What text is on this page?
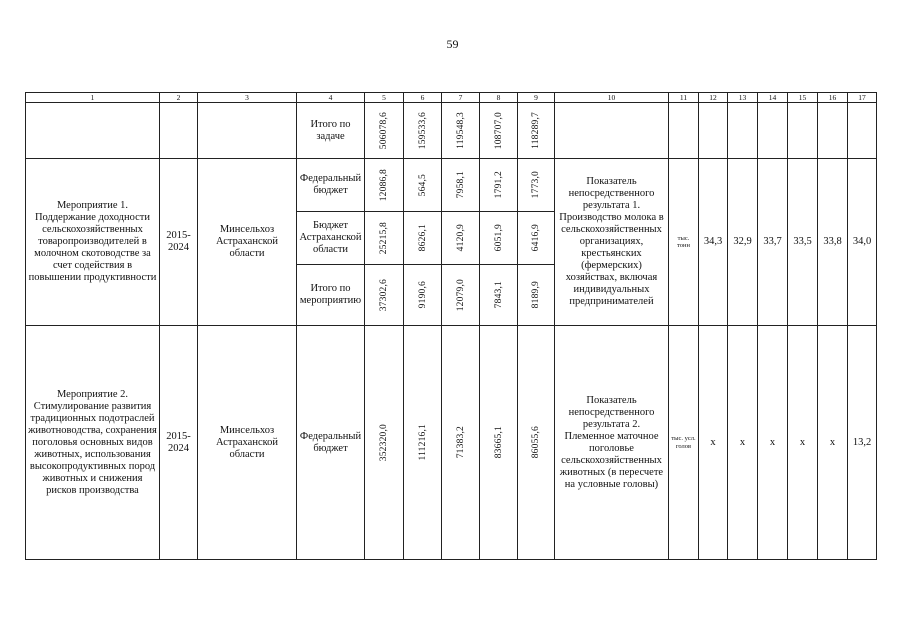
59
1	2	3	4	5	6	7	8	9	10	11	12	13	14	15	16	17
			Итого по задаче	506078,6	159533,6	119548,3	108707,0	118289,7								

Мероприятие 1. Поддержание доходности сельскохозяйственных товаропроизводителей в молочном скотоводстве за счет содействия в повышении продуктивности	2015-2024	Минсельхоз Астраханской области	Федеральный бюджет	12086,8	564,5	7958,1	1791,2	1773,0	Показатель непосредственного результата 1. Производство молока в сельскохозяйственных организациях, крестьянских (фермерских) хозяйствах, включая индивидуальных предпринимателей	тыс. тонн	34,3	32,9	33,7	33,5	33,8	34,0
			Бюджет Астраханской области	25215,8	8626,1	4120,9	6051,9	6416,9								

			Итого по мероприятию	37302,6	9190,6	12079,0	7843,1	8189,9								

Мероприятие 2. Стимулирование развития традиционных подотраслей животноводства, сохранения поголовья основных видов животных, использования высокопродуктивных пород животных и снижения рисков производства	2015-2024	Минсельхоз Астраханской области	Федеральный бюджет	352320,0	111216,1	71383,2	83665,1	86055,6	Показатель непосредственного результата 2. Племенное маточное поголовье сельскохозяйственных животных (в пересчете на условные головы)	тыс. усл. голов	x	x	x	x	x	13,2
